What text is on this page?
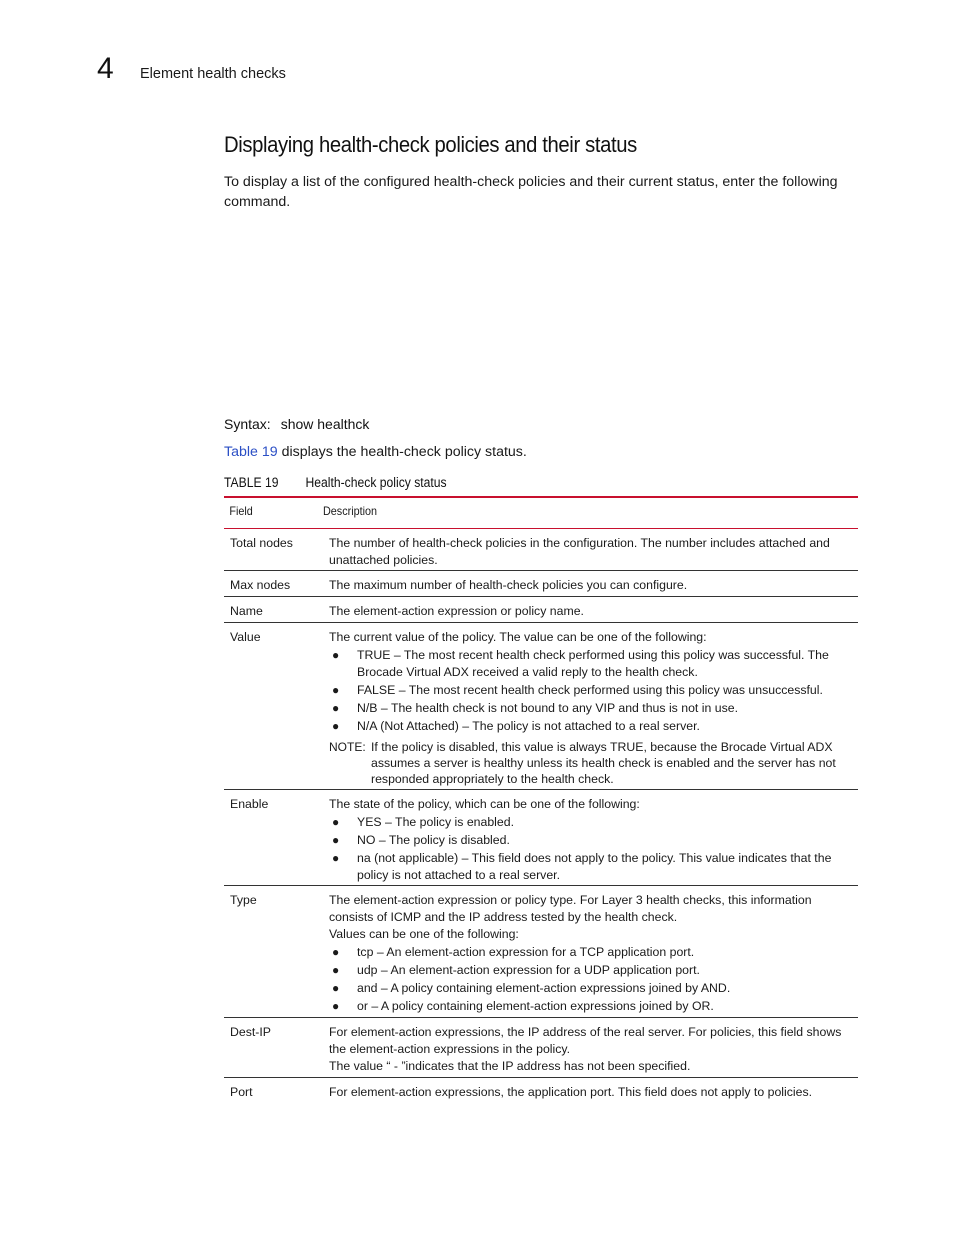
4 Element health checks
Displaying health-check policies and their status
To display a list of the configured health-check policies and their current status, enter the following command.
Syntax: show healthck
Table 19 displays the health-check policy status.
TABLE 19 Health-check policy status
Field	Description
Total nodes	The number of health-check policies in the configuration. The number includes attached and unattached policies.
Max nodes	The maximum number of health-check policies you can configure.
Name	The element-action expression or policy name.
Value	The current value of the policy. The value can be one of the following:
●	TRUE – The most recent health check performed using this policy was successful. The Brocade Virtual ADX received a valid reply to the health check.
●	FALSE – The most recent health check performed using this policy was unsuccessful.
●	N/B – The health check is not bound to any VIP and thus is not in use.
●	N/A (Not Attached) – The policy is not attached to a real server.
NOTE: If the policy is disabled, this value is always TRUE, because the Brocade Virtual ADX assumes a server is healthy unless its health check is enabled and the server has not responded appropriately to the health check.
Enable	The state of the policy, which can be one of the following:
●	YES – The policy is enabled.
●	NO – The policy is disabled.
●	na (not applicable) – This field does not apply to the policy. This value indicates that the policy is not attached to a real server.
Type	The element-action expression or policy type. For Layer 3 health checks, this information consists of ICMP and the IP address tested by the health check.
Values can be one of the following:
●	tcp – An element-action expression for a TCP application port.
●	udp – An element-action expression for a UDP application port.
●	and – A policy containing element-action expressions joined by AND.
●	or – A policy containing element-action expressions joined by OR.
Dest-IP	For element-action expressions, the IP address of the real server. For policies, this field shows the element-action expressions in the policy.
The value “ - ”indicates that the IP address has not been specified.
Port	For element-action expressions, the application port. This field does not apply to policies.
